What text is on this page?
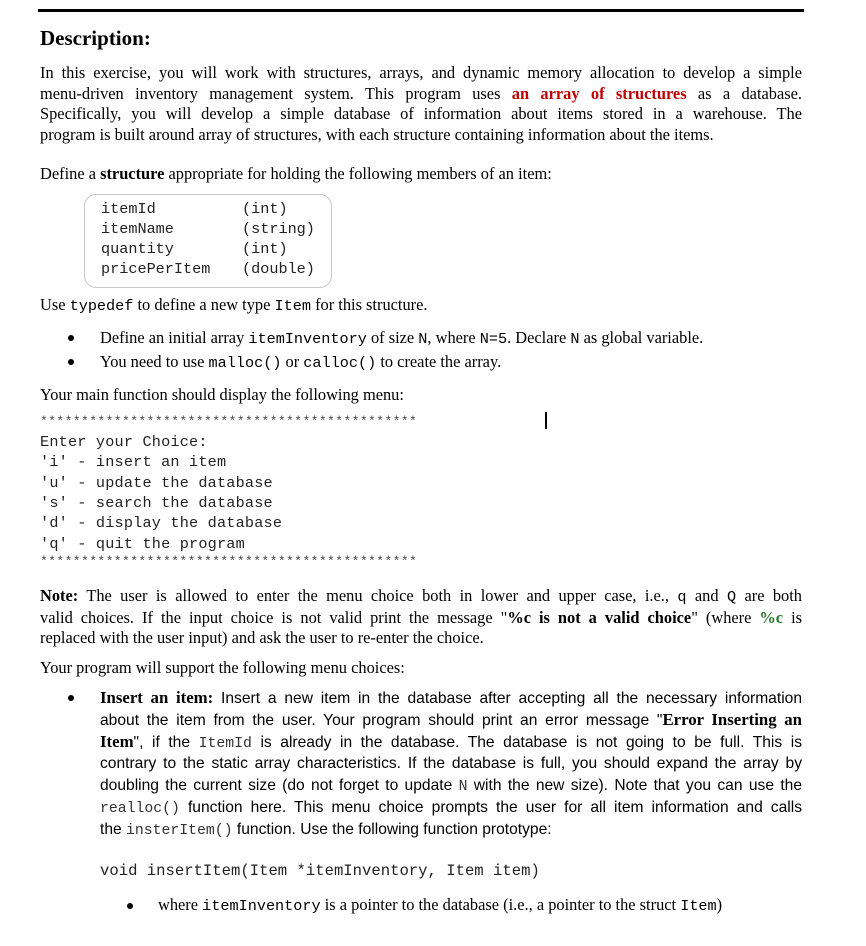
Description:
In this exercise, you will work with structures, arrays, and dynamic memory allocation to develop a simple
menu-driven inventory management system. This program uses an array of structures as a database.
Specifically, you will develop a simple database of information about items stored in a warehouse. The
program is built around array of structures, with each structure containing information about the items.
Define a structure appropriate for holding the following members of an item:
itemId	(int)
itemName	(string)
quantity	(int)
pricePerItem (double)
Use typedef to define a new type Item for this structure.
Define an initial array itemInventory of size N, where N=5. Declare N as global variable.
You need to use malloc() or calloc() to create the array.
Your main function should display the following menu:
**********************************************
Enter your Choice:
'i' - insert an item
'u' - update the database
's' - search the database
'd' - display the database
'q' - quit the program
**********************************************
Note: The user is allowed to enter the menu choice both in lower and upper case, i.e., q and Q are both
valid choices. If the input choice is not valid print the message "%c is not a valid choice" (where %c is
replaced with the user input) and ask the user to re-enter the choice.
Your program will support the following menu choices:
Insert an item: Insert a new item in the database after accepting all the necessary information
about the item from the user. Your program should print an error message "Error Inserting an
Item", if the ItemId is already in the database. The database is not going to be full. This is
contrary to the static array characteristics. If the database is full, you should expand the array by
doubling the current size (do not forget to update N with the new size). Note that you can use the
realloc() function here. This menu choice prompts the user for all item information and calls
the insterItem() function. Use the following function prototype:
void insertItem(Item *itemInventory, Item item)
where itemInventory is a pointer to the database (i.e., a pointer to the struct Item)
